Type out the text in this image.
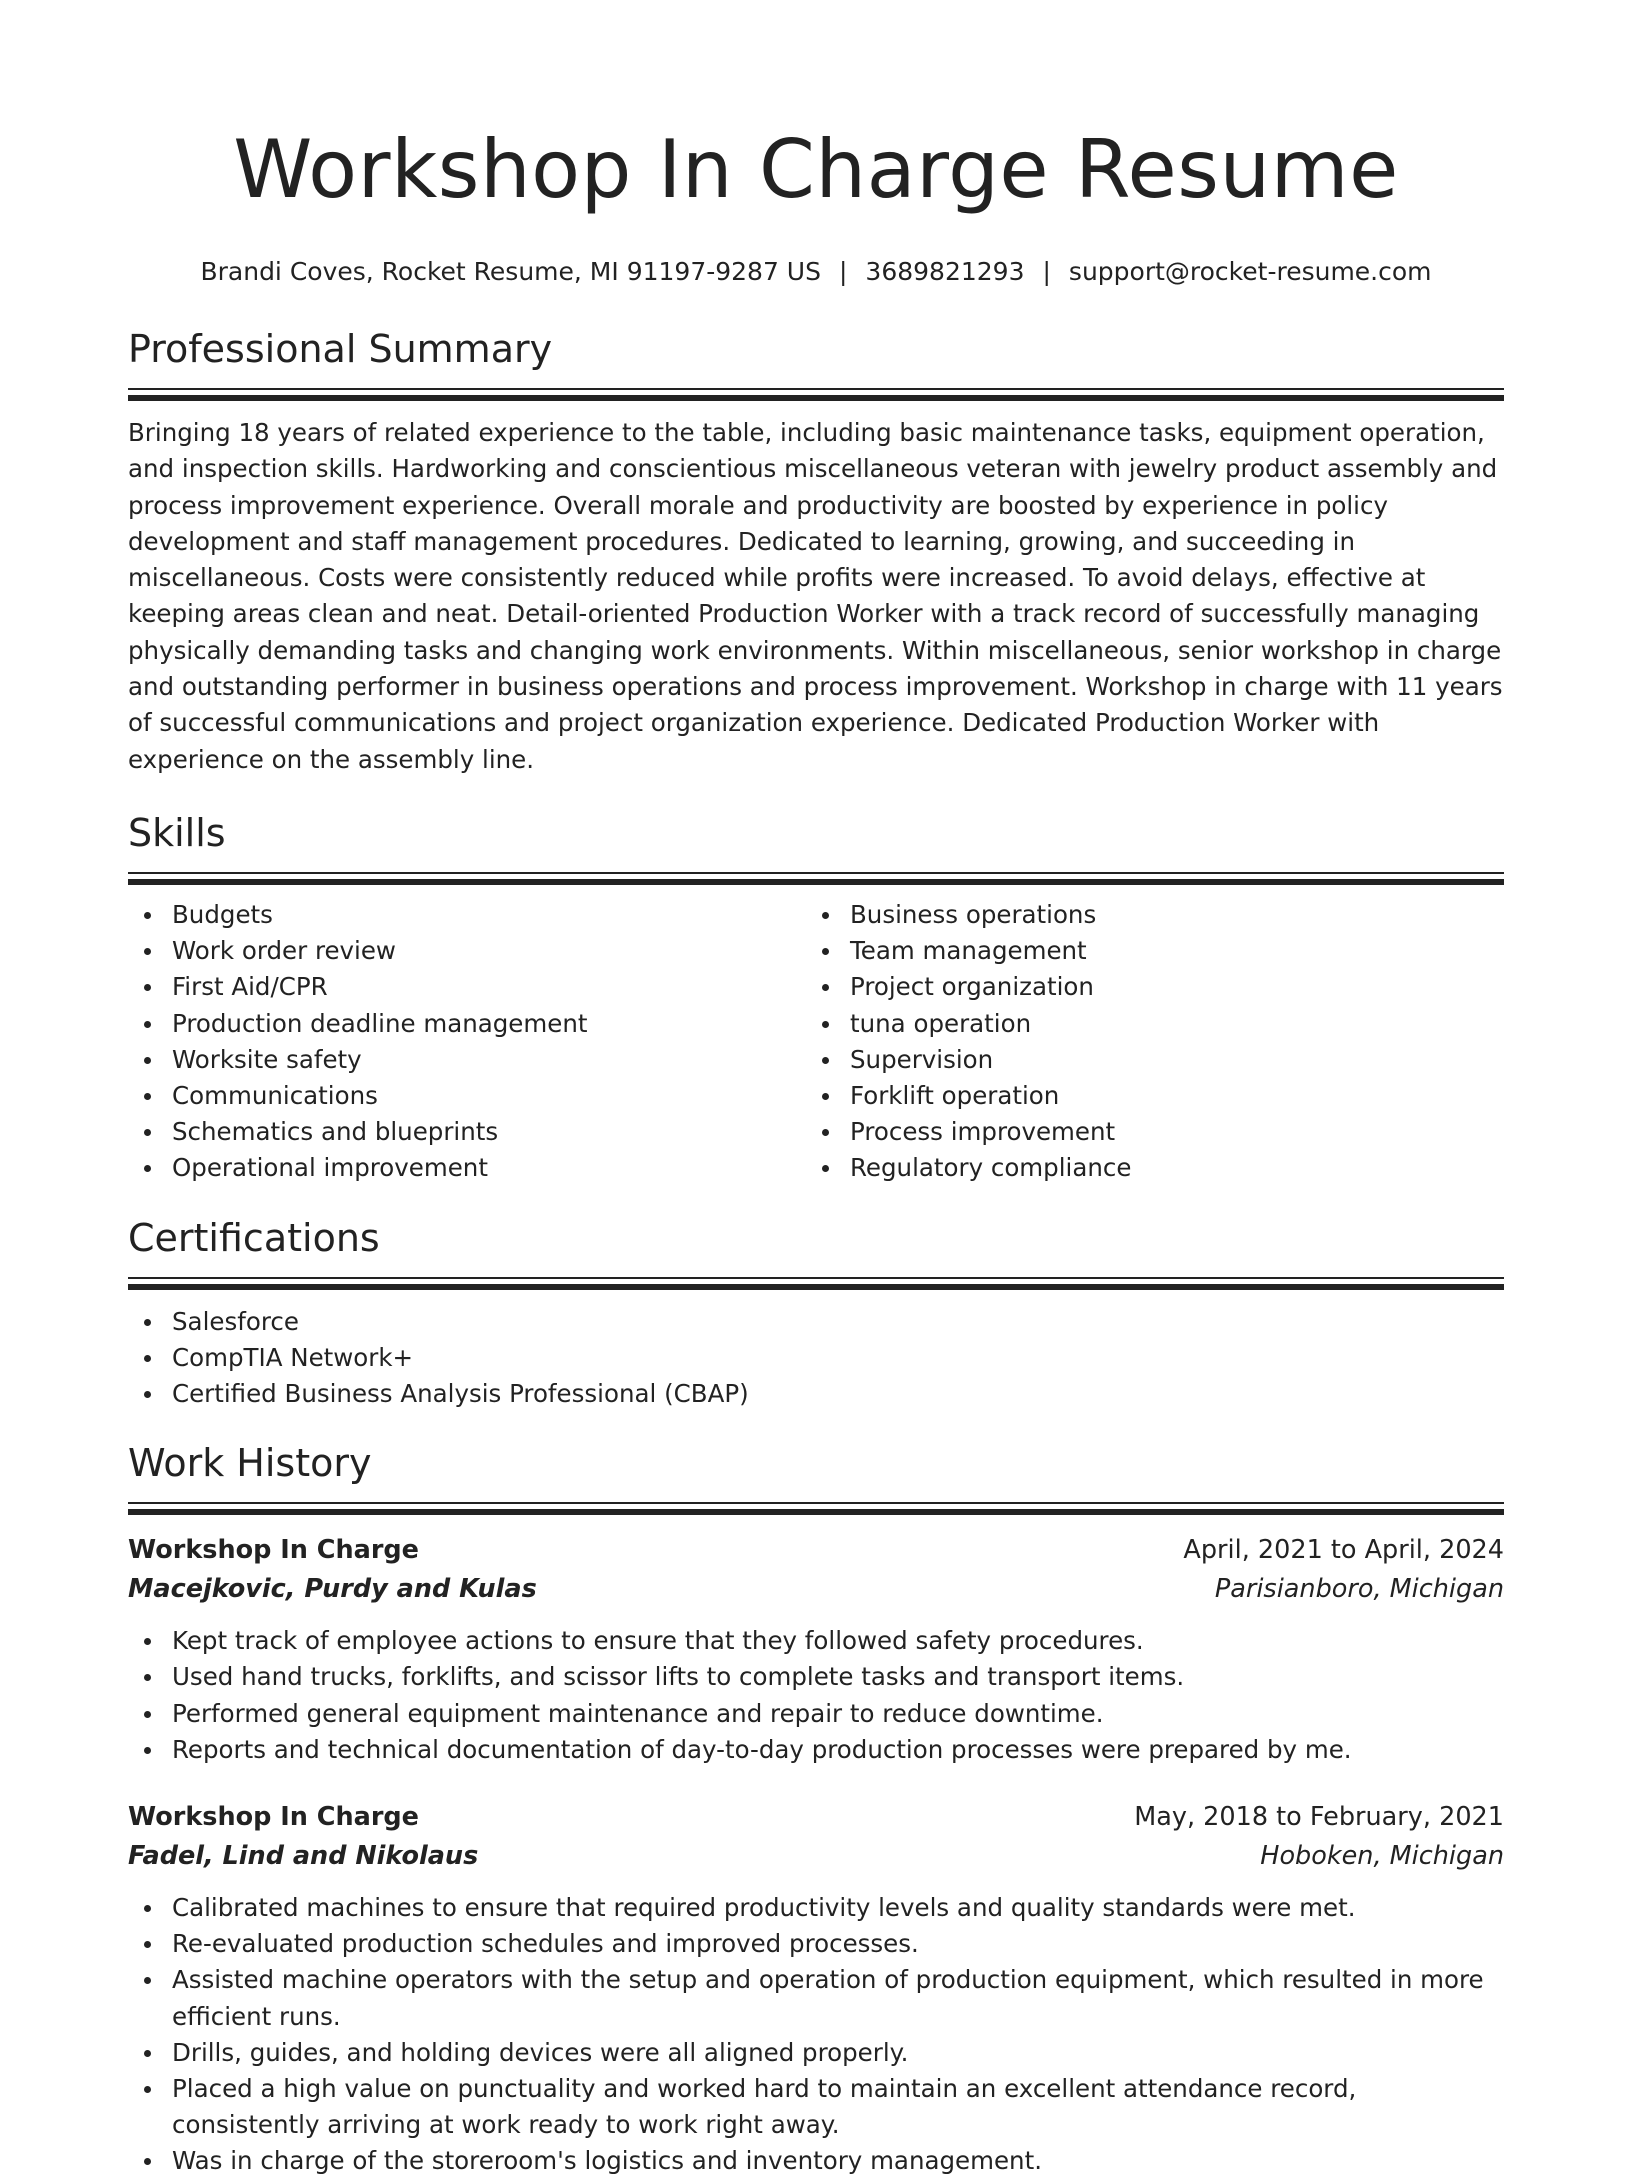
Workshop In Charge Resume
Brandi Coves, Rocket Resume, MI 91197-9287 US | 3689821293 | support@rocket-resume.com
Professional Summary

Bringing 18 years of related experience to the table, including basic maintenance tasks, equipment operation, and inspection skills. Hardworking and conscientious miscellaneous veteran with jewelry product assembly and process improvement experience. Overall morale and productivity are boosted by experience in policy development and staff management procedures. Dedicated to learning, growing, and succeeding in miscellaneous. Costs were consistently reduced while profits were increased. To avoid delays, effective at keeping areas clean and neat. Detail-oriented Production Worker with a track record of successfully managing physically demanding tasks and changing work environments. Within miscellaneous, senior workshop in charge and outstanding performer in business operations and process improvement. Workshop in charge with 11 years of successful communications and project organization experience. Dedicated Production Worker with experience on the assembly line.

Skills
Budgets
Work order review
First Aid/CPR
Production deadline management
Worksite safety
Communications
Schematics and blueprints
Operational improvement
Business operations
Team management
Project organization
tuna operation
Supervision
Forklift operation
Process improvement
Regulatory compliance
Certifications
Salesforce
CompTIA Network+
Certified Business Analysis Professional (CBAP)
Work History
Workshop In Charge	April, 2021 to April, 2024
Macejkovic, Purdy and Kulas	Parisianboro, Michigan
Kept track of employee actions to ensure that they followed safety procedures.
Used hand trucks, forklifts, and scissor lifts to complete tasks and transport items.
Performed general equipment maintenance and repair to reduce downtime.
Reports and technical documentation of day-to-day production processes were prepared by me.
Workshop In Charge	May, 2018 to February, 2021
Fadel, Lind and Nikolaus	Hoboken, Michigan
Calibrated machines to ensure that required productivity levels and quality standards were met.
Re-evaluated production schedules and improved processes.
Assisted machine operators with the setup and operation of production equipment, which resulted in more efficient runs.
Drills, guides, and holding devices were all aligned properly.
Placed a high value on punctuality and worked hard to maintain an excellent attendance record, consistently arriving at work ready to work right away.
Was in charge of the storeroom's logistics and inventory management.
